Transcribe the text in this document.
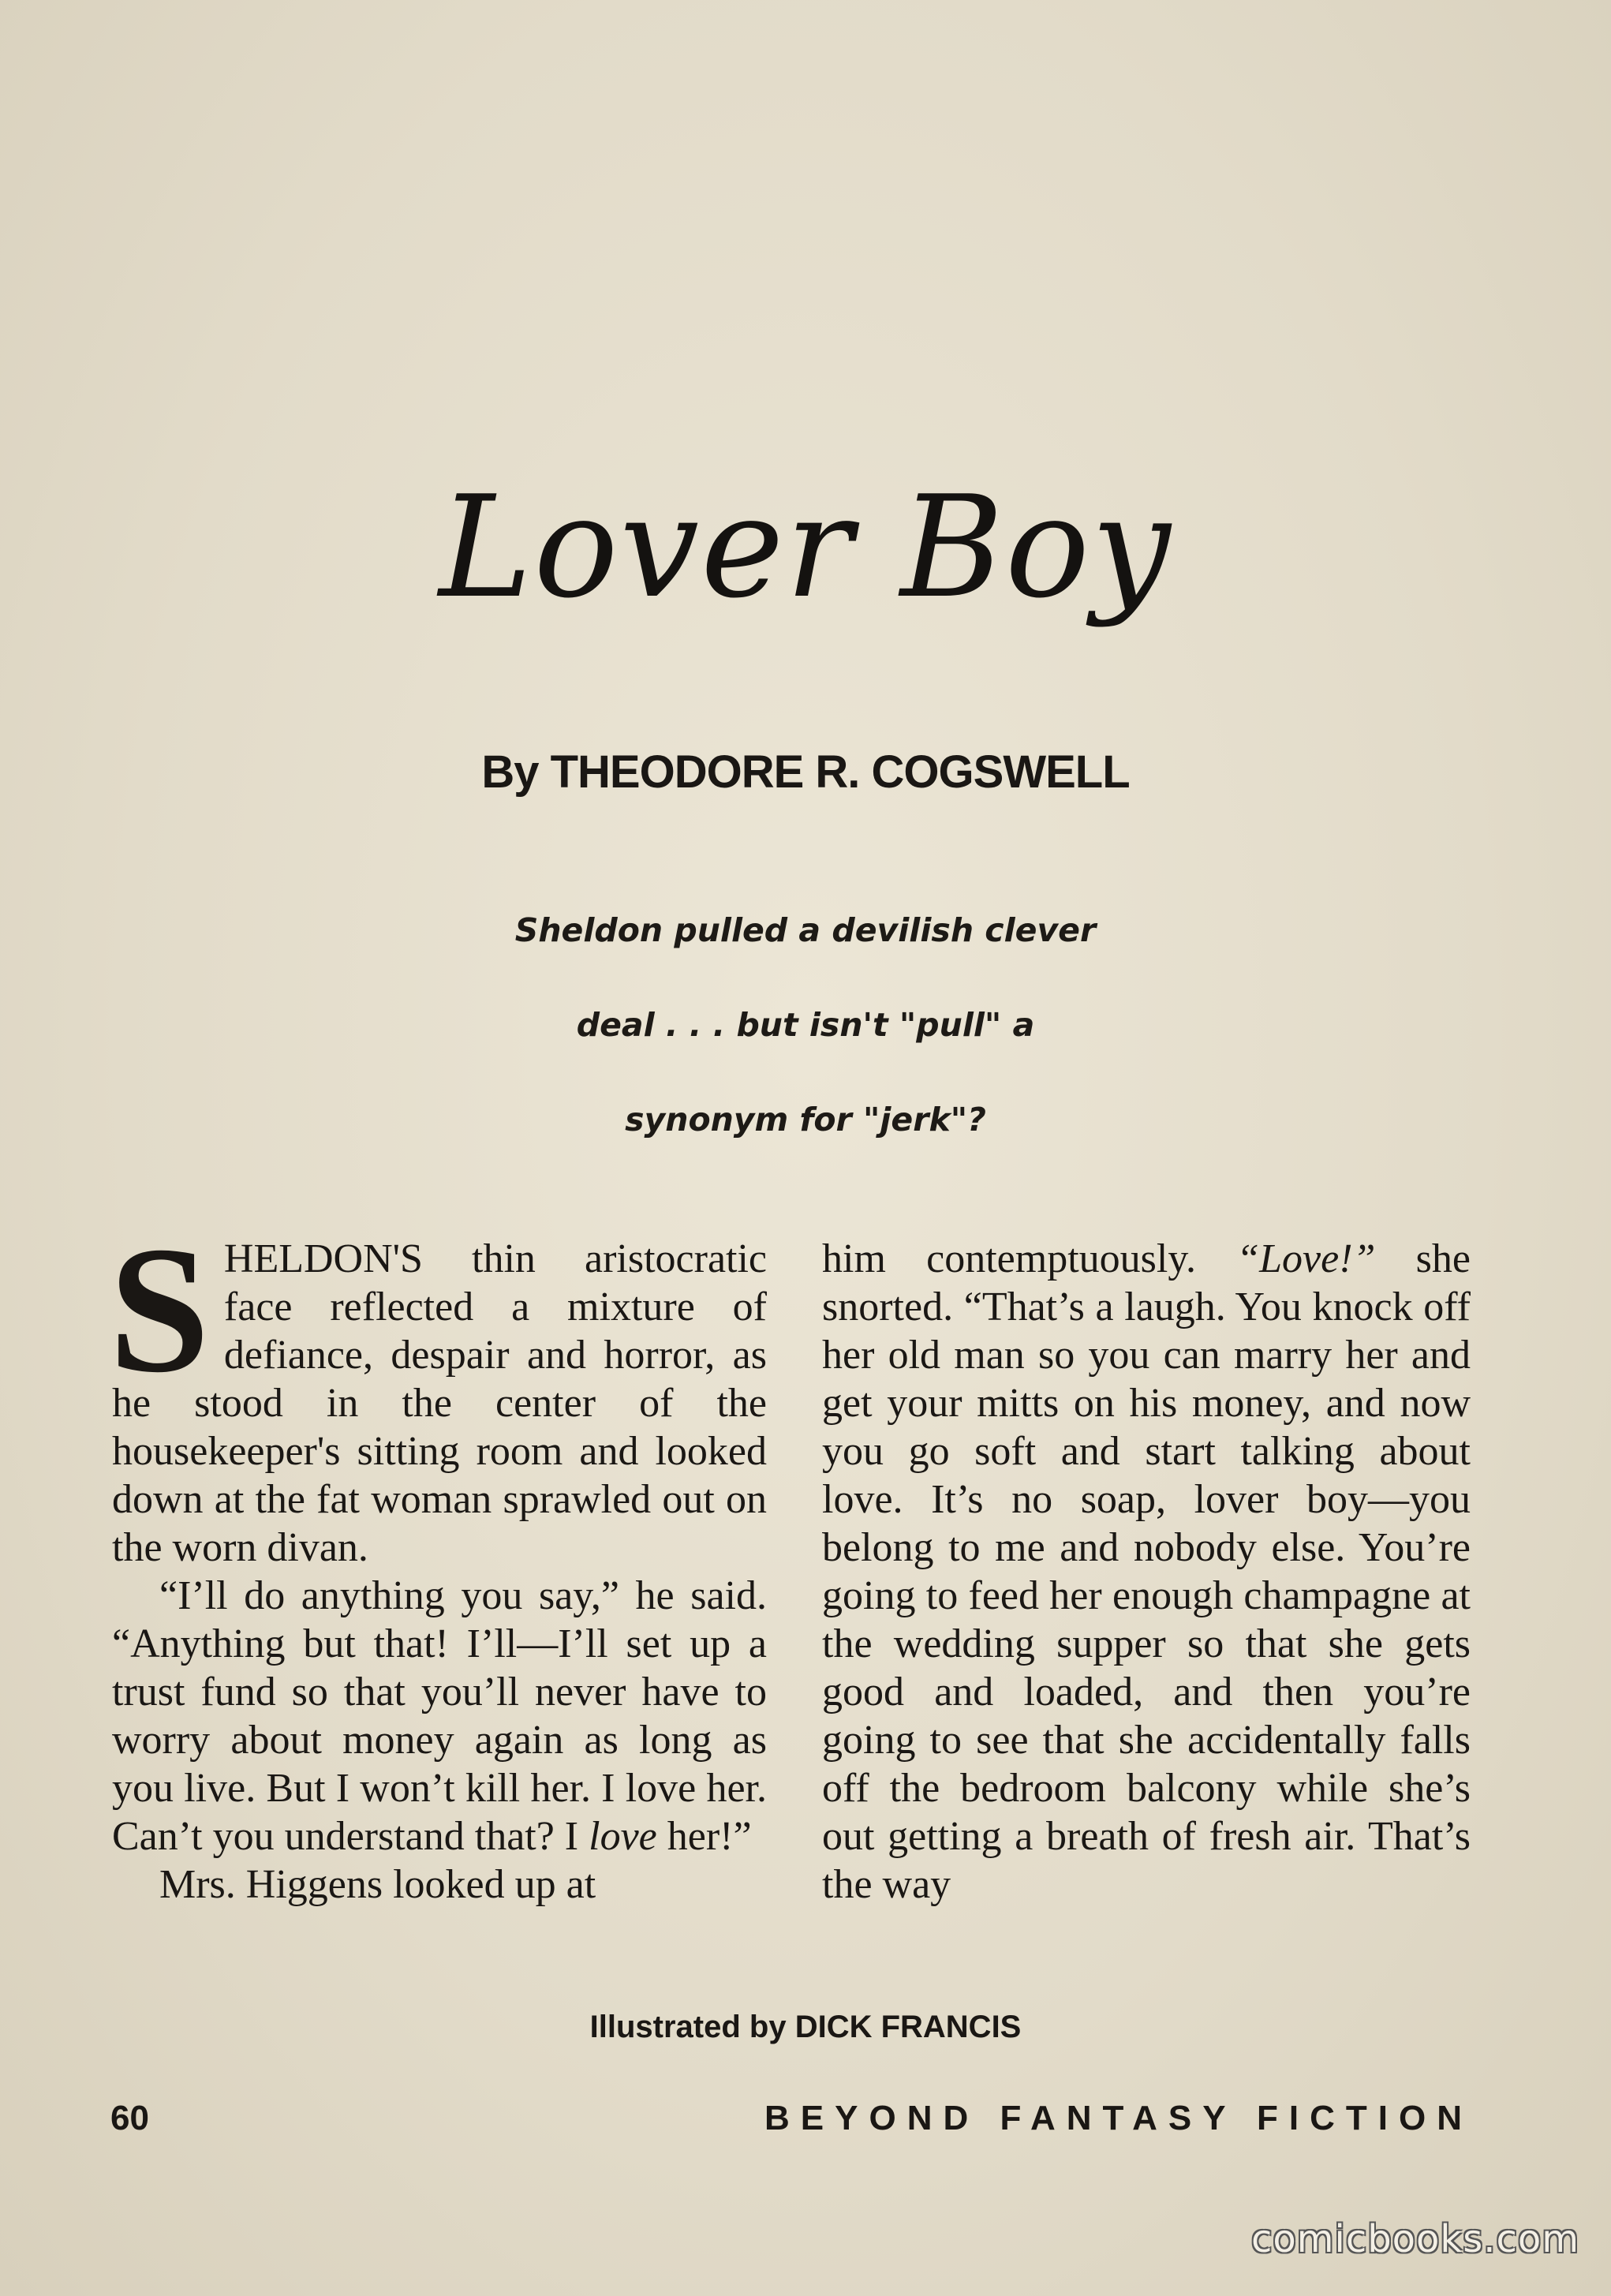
Lover Boy
By THEODORE R. COGSWELL
Sheldon pulled a devilish clever
deal . . . but isn't "pull" a
synonym for "jerk"?

SHELDON'S thin aristocratic face reflected a mixture of defiance, despair and horror, as he stood in the center of the housekeeper's sitting room and looked down at the fat woman sprawled out on the worn divan.

“I’ll do anything you say,” he said. “Anything but that! I’ll—I’ll set up a trust fund so that you’ll never have to worry about money again as long as you live. But I won’t kill her. I love her. Can’t you understand that? I love her!”

Mrs. Higgens looked up at

him contemptuously. “Love!” she snorted. “That’s a laugh. You knock off her old man so you can marry her and get your mitts on his money, and now you go soft and start talking about love. It’s no soap, lover boy—you belong to me and nobody else. You’re going to feed her enough champagne at the wedding supper so that she gets good and loaded, and then you’re going to see that she accidentally falls off the bedroom balcony while she’s out getting a breath of fresh air. That’s the way

Illustrated by DICK FRANCIS
60	BEYOND FANTASY FICTION
comicbooks.com
